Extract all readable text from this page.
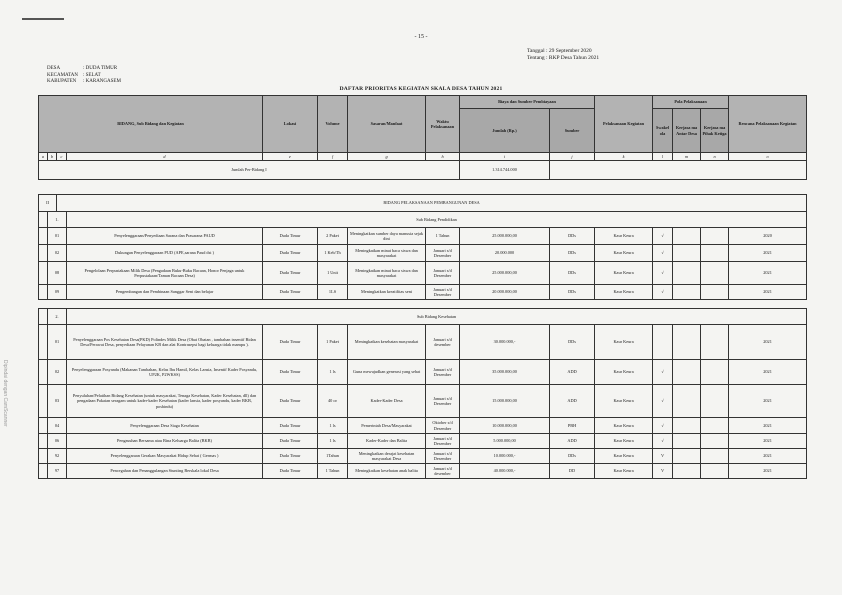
- 15 -
Tanggal : 29 September 2020
Tentang : RKP Desa Tahun 2021
DESA	: DUDA TIMUR
KECAMATAN : SELAT
KABUPATEN : KARANGASEM
DAFTAR PRIORITAS KEGIATAN SKALA DESA TAHUN 2021
Dipindai dengan CamScanner
BIDANG, Sub Bidang dan Kegiatan				Lokasi	Volume	Sasaran/Manfaat	Waktu Pelaksanaan	Biaya dan Sumber Pembiayaan		Pelaksanaan Kegiatan	Pola Pelaksanaan			Rencana Pelaksanaan Kegiatan
								Jumlah (Rp.)	Sumber		Swakel ola	Kerjasa ma Antar Desa	Kerjasa ma Pihak Ketiga	
a	b	c	d	e	f	g	h	i	j	k	l	m	n	o
Jumlah Per-Bidang I								1.314.744.000						

II		BIDANG PELAKSANAAN PEMBANGUNAN DESA												
	1.		Sub Bidang Pendidikan											
	01		Penyelenggaraan/Penyediaan Sarana dan Prasarana PAUD	Duda Timur	2 Paket	Meningkatkan sumber daya manusia sejak dini	1 Tahun	25.000.000,00	DDs	Kaur Keura	√			2020
	02		Dukungan Penyelenggaraan PUD (APE,sarana Paud dst )	Duda Timur	1 Keb/Th	Meningkatkan minat baca siswa dan masyarakat	Januari s/d Desember	20.000.000	DDs	Kaur Keura	√			2021
	08		Pengelolaan Perpustakaan Milik Desa (Pengadaan Buku-Buku Bacaan, Honor Penjaga untuk Perpustakaan/Taman Bacaan Desa)	Duda Timur	1 Unit	Meningkatkan minat baca siswa dan masyarakat	Januari s/d Desember	25.000.000,00	DDs	Kaur Keura	√			2021
	09		Pengembangan dan Pembinaan Sanggar Seni dan belajar	Duda Timur	1LS	Meningkatkan kreatifitas seni	Januari s/d Desember	20.000.000,00	DDs	Kaur Keura	√			2021

	2.		Sub Bidang Kesehatan											
	01		Penyelenggaraan Pos Kesehatan Desa(PKD) Polindes Milik Desa (Obat Obatan , tambahan insentif Bidan Desa/Perawat Desa, penyediaan Pelayanan KB dan alat Kontrasepsi bagi keluarga tidak mampu ).	Duda Timur	1 Paket	Meningkatkan kesehatan masyarakat	Januari s/d desember	30.000.000,-	DDs	Kaur Keura				2021
	02		Penyelenggaraan Posyandu (Makanan Tambahan, Kelas Ibu Hamil, Kelas Lansia, Insentif Kader Posyandu, UP2K, P2WKSS)	Duda Timur	1 ls	Guna mewujudkan generasi yang sehat	Januari s/d Desember	35.000.000,00	ADD	Kaur Keura	√			2021
	03		Penyuluhan/Pelatihan Bidang Kesehatan (untuk masyarakat, Tenaga Kesehatan, Kader Kesehatan, dll) dan pengadaan Pakaian seragam untuk kader-kader Kesehatan (kader lansia, kader posyandu, kader BKB, posbindu)	Duda Timur	40 or	Kader-Kader Desa	Januari s/d Desember	15.000.000,00	ADD	Kaur Keura	√			2021
	04		Penyelenggaraan Desa Siaga Kesehatan	Duda Timur	1 ls	Pemerintah Desa/Masyarakat	Oktober s/d Desember	10.000.000,00	PBH	Kaur Keura	√			2021
	06		Pengasuhan Bersama atau Bina Keluarga Balita (BKB)	Duda Timur	1 ls	Kader-Kader dan Balita	Januari s/d Desember	5.000.000,00	ADD	Kaur Keura	√			2021
	92		Penyelenggaraan Gerakan Masyarakat Hidup Sehat ( Germas )	Duda Timur	1Tahun	Meningkatkan derajat kesehatan masyarakat Desa	Januari s/d Desember	10.000.000,-	DDs	Kaur Keura	V			2021
	97		Pencegahan dan Penanggulangan Stunting Berskala lokal Desa	Duda Timur	1 Tahun	Meningkatkan kesehatan anak balita	Januari s/d desember	40.000.000,-	DD	Kaur Keura	V			2021
